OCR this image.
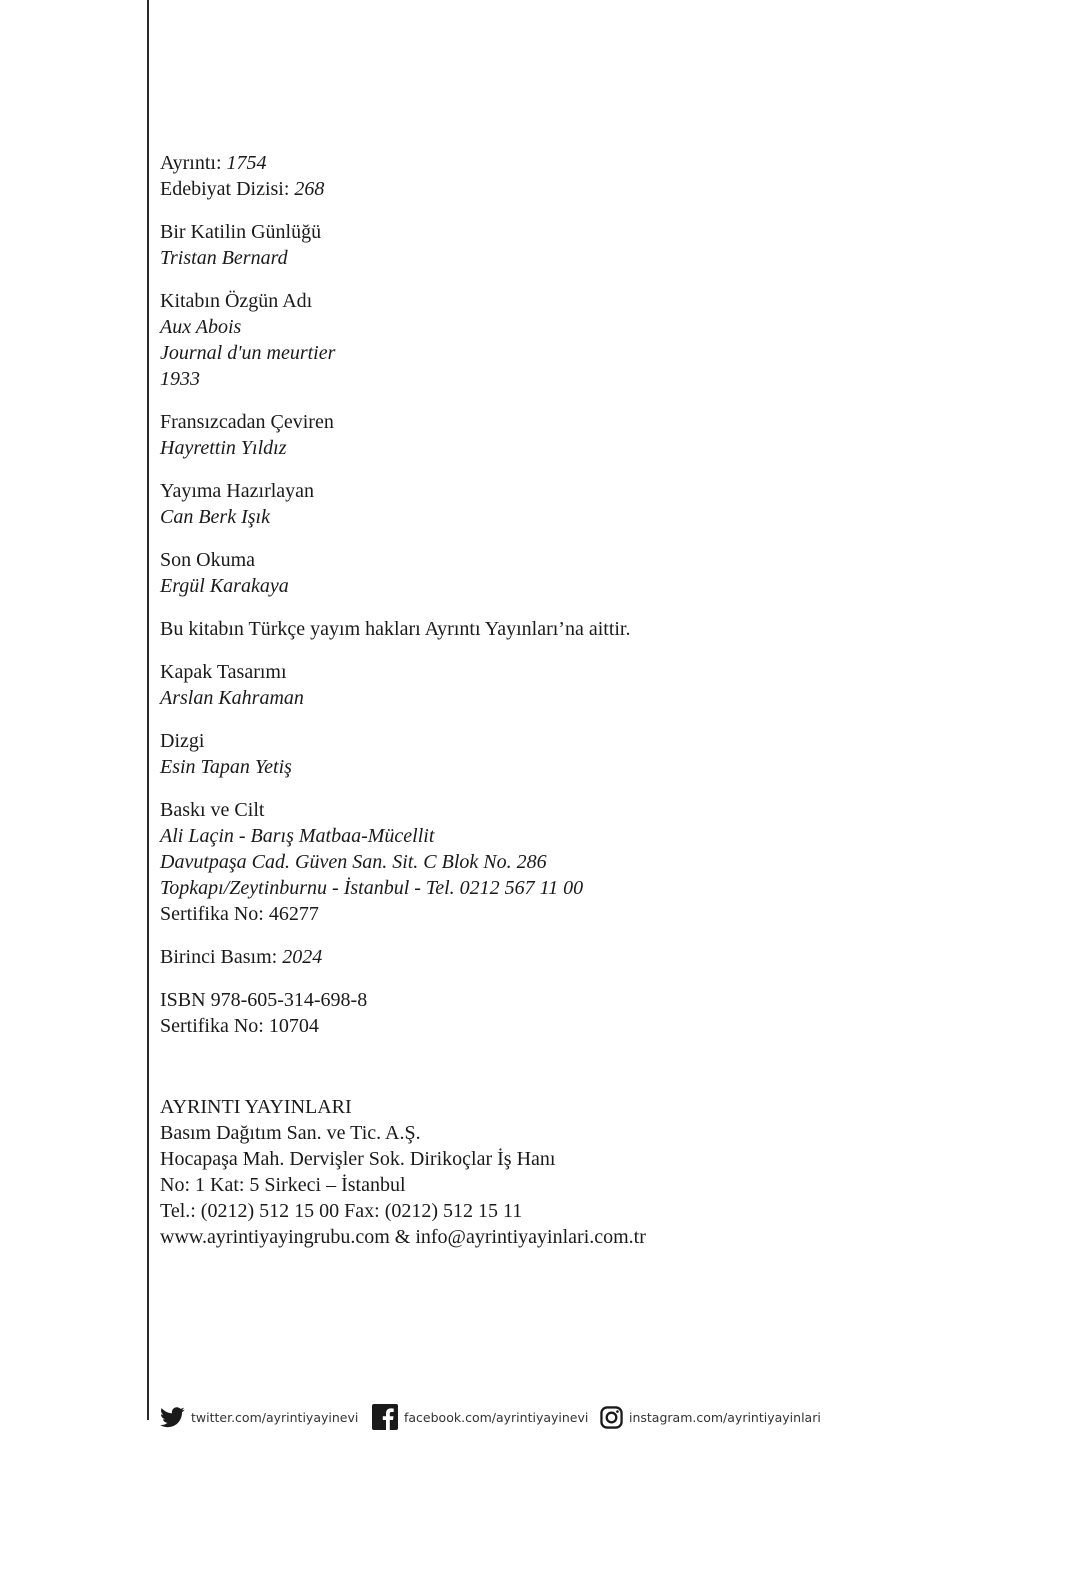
Ayrıntı: 1754
Edebiyat Dizisi: 268
Bir Katilin Günlüğü
Tristan Bernard
Kitabın Özgün Adı
Aux Abois
Journal d'un meurtier
1933
Fransızcadan Çeviren
Hayrettin Yıldız
Yayıma Hazırlayan
Can Berk Işık
Son Okuma
Ergül Karakaya
Bu kitabın Türkçe yayım hakları Ayrıntı Yayınları’na aittir.
Kapak Tasarımı
Arslan Kahraman
Dizgi
Esin Tapan Yetiş
Baskı ve Cilt
Ali Laçin - Barış Matbaa-Mücellit
Davutpaşa Cad. Güven San. Sit. C Blok No. 286
Topkapı/Zeytinburnu - İstanbul - Tel. 0212 567 11 00
Sertifika No: 46277
Birinci Basım: 2024
ISBN 978-605-314-698-8
Sertifika No: 10704
AYRINTI YAYINLARI
Basım Dağıtım San. ve Tic. A.Ş.
Hocapaşa Mah. Dervişler Sok. Dirikoçlar İş Hanı
No: 1 Kat: 5 Sirkeci – İstanbul
Tel.: (0212) 512 15 00 Fax: (0212) 512 15 11
www.ayrintiyayingrubu.com & info@ayrintiyayinlari.com.tr
twitter.com/ayrintiyayinevi	facebook.com/ayrintiyayinevi	instagram.com/ayrintiyayinlari
